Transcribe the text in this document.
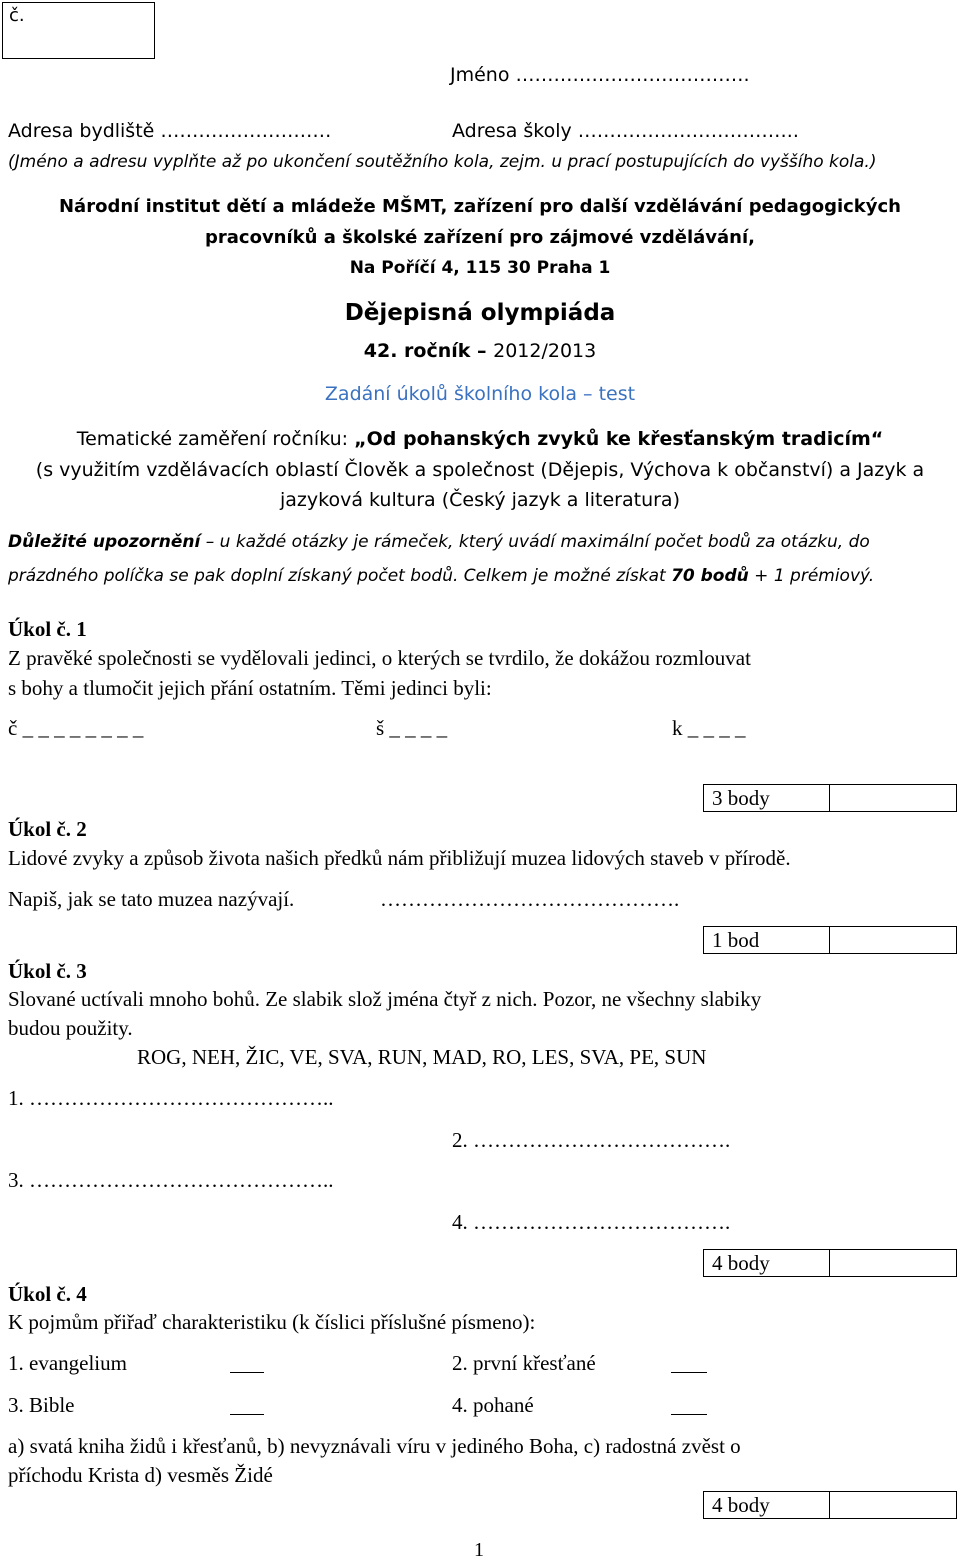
č.
Jméno ……………………………….
Adresa bydliště ………………………	Adresa školy ……………………………..
(Jméno a adresu vyplňte až po ukončení soutěžního kola, zejm. u prací postupujících do vyššího kola.)
Národní institut dětí a mládeže MŠMT, zařízení pro další vzdělávání pedagogických
pracovníků a školské zařízení pro zájmové vzdělávání,
Na Poříčí 4, 115 30 Praha 1
Dějepisná olympiáda
42. ročník – 2012/2013
Zadání úkolů školního kola – test
Tematické zaměření ročníku: „Od pohanských zvyků ke křesťanským tradicím“
(s využitím vzdělávacích oblastí Člověk a společnost (Dějepis, Výchova k občanství) a Jazyk a
jazyková kultura (Český jazyk a literatura)
Důležité upozornění – u každé otázky je rámeček, který uvádí maximální počet bodů za otázku, do
prázdného políčka se pak doplní získaný počet bodů. Celkem je možné získat 70 bodů + 1 prémiový.
Úkol č. 1
Z pravěké společnosti se vydělovali jedinci, o kterých se tvrdilo, že dokážou rozmlouvat
s bohy a tlumočit jejich přání ostatním. Těmi jedinci byli:
č _ _ _ _ _ _ _ _	š _ _ _ _	k _ _ _ _
3 body
Úkol č. 2
Lidové zvyky a způsob života našich předků nám přibližují muzea lidových staveb v přírodě.
Napiš, jak se tato muzea nazývají.	…………………………………….
1 bod
Úkol č. 3
Slované uctívali mnoho bohů. Ze slabik slož jména čtyř z nich. Pozor, ne všechny slabiky
budou použity.
ROG, NEH, ŽIC, VE, SVA, RUN, MAD, RO, LES, SVA, PE, SUN
1. ……………………………………..
2. ……………………………….
3. ……………………………………..
4. ……………………………….
4 body
Úkol č. 4
K pojmům přiřaď charakteristiku (k číslici příslušné písmeno):
1. evangelium	2. první křesťané
3. Bible	4. pohané
a) svatá kniha židů i křesťanů, b) nevyznávali víru v jediného Boha, c) radostná zvěst o
příchodu Krista d) vesměs Židé
4 body
1
